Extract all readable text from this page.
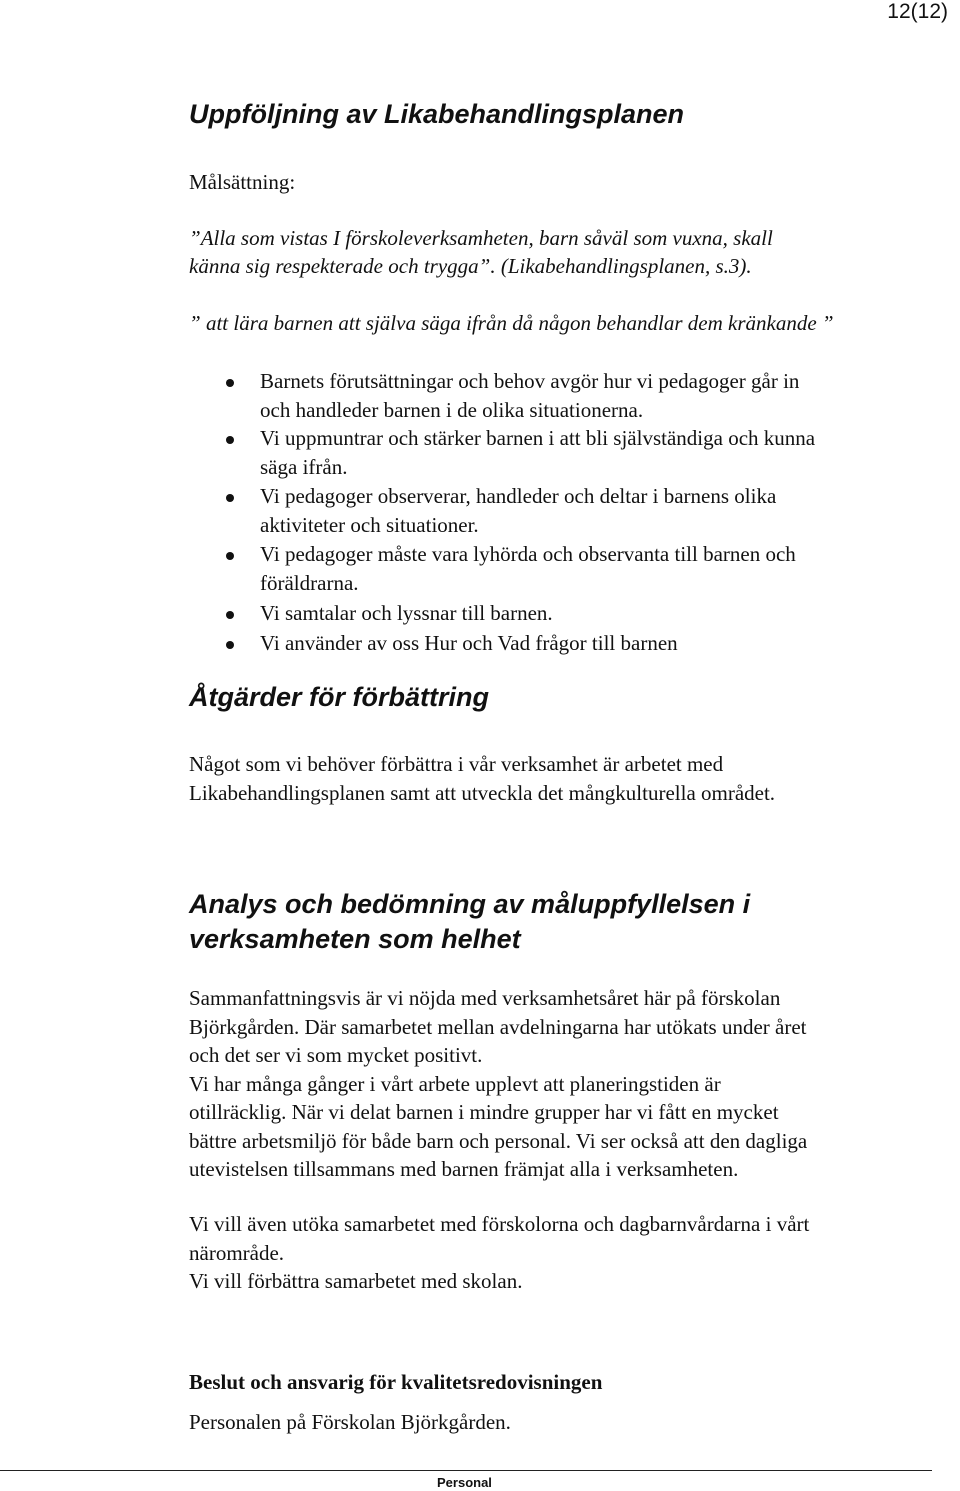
12(12)
Uppföljning av Likabehandlingsplanen
Målsättning:
”Alla som vistas I förskoleverksamheten, barn såväl som vuxna, skall
känna sig respekterade och trygga”. (Likabehandlingsplanen, s.3).
” att lära barnen att själva säga ifrån då någon behandlar dem kränkande ”
Barnets förutsättningar och behov avgör hur vi pedagoger går in
och handleder barnen i de olika situationerna.
Vi uppmuntrar och stärker barnen i att bli självständiga och kunna
säga ifrån.
Vi pedagoger observerar, handleder och deltar i barnens olika
aktiviteter och situationer.
Vi pedagoger måste vara lyhörda och observanta till barnen och
föräldrarna.
Vi samtalar och lyssnar till barnen.
Vi använder av oss Hur och Vad frågor till barnen
Åtgärder för förbättring
Något som vi behöver förbättra i vår verksamhet är arbetet med
Likabehandlingsplanen samt att utveckla det mångkulturella området.
Analys och bedömning av måluppfyllelsen i
verksamheten som helhet
Sammanfattningsvis är vi nöjda med verksamhetsåret här på förskolan
Björkgården. Där samarbetet mellan avdelningarna har utökats under året
och det ser vi som mycket positivt.
Vi har många gånger i vårt arbete upplevt att planeringstiden är
otillräcklig. När vi delat barnen i mindre grupper har vi fått en mycket
bättre arbetsmiljö för både barn och personal. Vi ser också att den dagliga
utevistelsen tillsammans med barnen främjat alla i verksamheten.
Vi vill även utöka samarbetet med förskolorna och dagbarnvårdarna i vårt
närområde.
Vi vill förbättra samarbetet med skolan.
Beslut och ansvarig för kvalitetsredovisningen
Personalen på Förskolan Björkgården.
Personal
